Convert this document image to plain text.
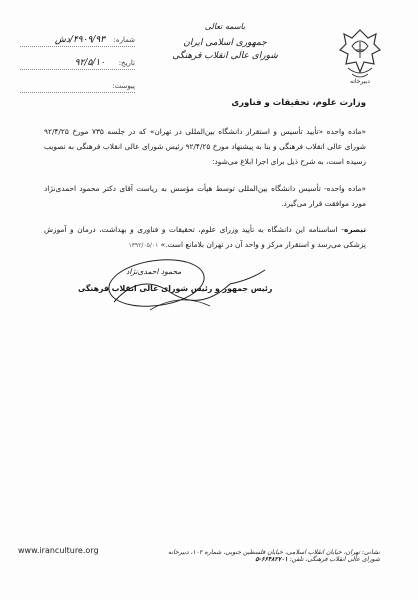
دبیرخانه
باسمه تعالی
جمهوری اسلامی ایران
شورای عالی انقلاب فرهنگی
شماره:
۴۹۰۹/۹۳/دش
تاریخ:
۹۲/۵/۱۰
پیوست:
وزارت علوم، تحقیقات و فناوری
«ماده واحده «تأیید تأسیس و استقرار دانشگاه بین‌المللی در تهران» که در جلسه ۷۳۵ مورخ ۹۲/۴/۲۵ شورای عالی انقلاب فرهنگی و بنا به پیشنهاد مورخ ۹۲/۴/۲۵ رئیس شورای عالی انقلاب فرهنگی به تصویب رسیده است، به شرح ذیل برای اجرا ابلاغ می‌شود:
«ماده واحده- تأسیس دانشگاه بین‌المللی توسط هیأت مؤسس به ریاست آقای دکتر محمود احمدی‌نژاد مورد موافقت قرار می‌گیرد.
تبصره- اساسنامه این دانشگاه به تأیید وزرای علوم، تحقیقات و فناوری و بهداشت، درمان و آموزش پزشکی می‌رسد و استقرار مرکز و واحد آن در تهران بلامانع است.» ۱۳۹۲/۰۵/۰۱
محمود احمدی‌نژاد
رئیس جمهور و رئیس شورای عالی انقلاب فرهنگی
www.iranculture.org	نشانی: تهران، خیابان انقلاب اسلامی، خیابان فلسطین جنوبی، شماره ۱۰۲، دبیرخانه شورای عالی انقلاب فرهنگی، تلفن: ۶۶۴۸۲۷۰۱-۵
